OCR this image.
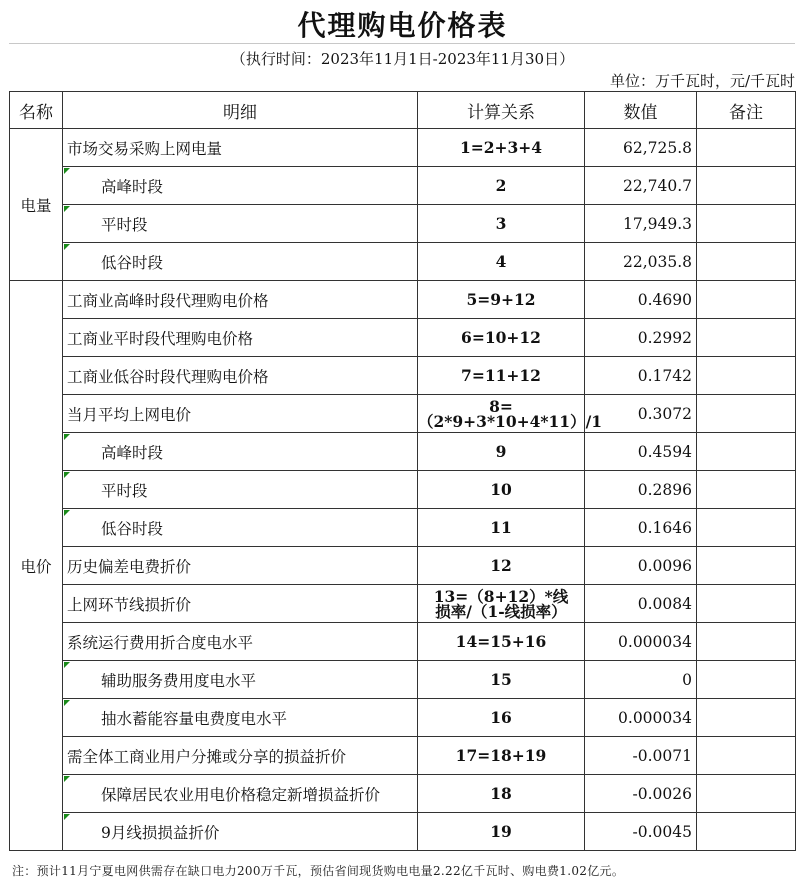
代理购电价格表
（执行时间：2023年11月1日-2023年11月30日）
单位：万千瓦时，元/千瓦时
名称	明细	计算关系	数值	备注
电量	市场交易采购上网电量	1=2+3+4	62,725.8	

高峰时段	2	22,740.7	

平时段	3	17,949.3	

低谷时段	4	22,035.8	
电价	工商业高峰时段代理购电价格	5=9+12	0.4690	
	工商业平时段代理购电价格	6=10+12	0.2992	
	工商业低谷时段代理购电价格	7=11+12	0.1742	
	当月平均上网电价	8=（2*9+3*10+4*11）/1	0.3072	

高峰时段	9	0.4594	

平时段	10	0.2896	

低谷时段	11	0.1646	
	历史偏差电费折价	12	0.0096	
	上网环节线损折价	13=（8+12）*线损率/（1-线损率）	0.0084	
	系统运行费用折合度电水平	14=15+16	0.000034	

辅助服务费用度电水平	15	0	

抽水蓄能容量电费度电水平	16	0.000034	
	需全体工商业用户分摊或分享的损益折价	17=18+19	-0.0071	

保障居民农业用电价格稳定新增损益折价	18	-0.0026	

9月线损损益折价	19	-0.0045	
注：预计11月宁夏电网供需存在缺口电力200万千瓦，预估省间现货购电电量2.22亿千瓦时、购电费1.02亿元。
